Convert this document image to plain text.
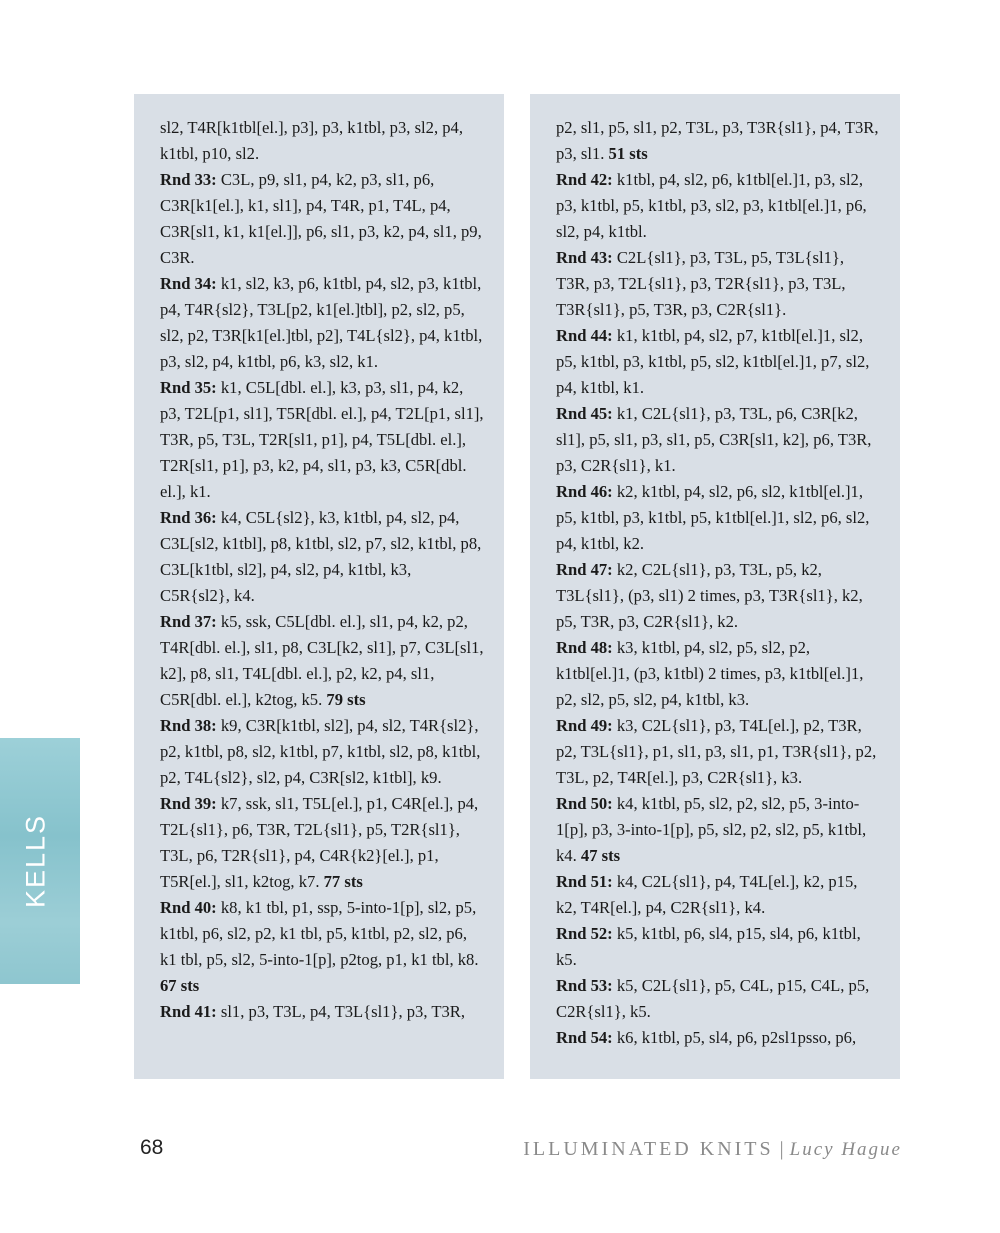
sl2, T4R[k1tbl[el.], p3], p3, k1tbl, p3, sl2, p4, k1tbl, p10, sl2.

Rnd 33: C3L, p9, sl1, p4, k2, p3, sl1, p6, C3R[k1[el.], k1, sl1], p4, T4R, p1, T4L, p4, C3R[sl1, k1, k1[el.]], p6, sl1, p3, k2, p4, sl1, p9, C3R.

Rnd 34: k1, sl2, k3, p6, k1tbl, p4, sl2, p3, k1tbl, p4, T4R{sl2}, T3L[p2, k1[el.]tbl], p2, sl2, p5, sl2, p2, T3R[k1[el.]tbl, p2], T4L{sl2}, p4, k1tbl, p3, sl2, p4, k1tbl, p6, k3, sl2, k1.

Rnd 35: k1, C5L[dbl. el.], k3, p3, sl1, p4, k2, p3, T2L[p1, sl1], T5R[dbl. el.], p4, T2L[p1, sl1], T3R, p5, T3L, T2R[sl1, p1], p4, T5L[dbl. el.], T2R[sl1, p1], p3, k2, p4, sl1, p3, k3, C5R[dbl. el.], k1.

Rnd 36: k4, C5L{sl2}, k3, k1tbl, p4, sl2, p4, C3L[sl2, k1tbl], p8, k1tbl, sl2, p7, sl2, k1tbl, p8, C3L[k1tbl, sl2], p4, sl2, p4, k1tbl, k3, C5R{sl2}, k4.

Rnd 37: k5, ssk, C5L[dbl. el.], sl1, p4, k2, p2, T4R[dbl. el.], sl1, p8, C3L[k2, sl1], p7, C3L[sl1, k2], p8, sl1, T4L[dbl. el.], p2, k2, p4, sl1, C5R[dbl. el.], k2tog, k5. 79 sts

Rnd 38: k9, C3R[k1tbl, sl2], p4, sl2, T4R{sl2}, p2, k1tbl, p8, sl2, k1tbl, p7, k1tbl, sl2, p8, k1tbl, p2, T4L{sl2}, sl2, p4, C3R[sl2, k1tbl], k9.

Rnd 39: k7, ssk, sl1, T5L[el.], p1, C4R[el.], p4, T2L{sl1}, p6, T3R, T2L{sl1}, p5, T2R{sl1}, T3L, p6, T2R{sl1}, p4, C4R{k2}[el.], p1, T5R[el.], sl1, k2tog, k7. 77 sts

Rnd 40: k8, k1 tbl, p1, ssp, 5-into-1[p], sl2, p5, k1tbl, p6, sl2, p2, k1 tbl, p5, k1tbl, p2, sl2, p6, k1 tbl, p5, sl2, 5-into-1[p], p2tog, p1, k1 tbl, k8. 67 sts

Rnd 41: sl1, p3, T3L, p4, T3L{sl1}, p3, T3R,

p2, sl1, p5, sl1, p2, T3L, p3, T3R{sl1}, p4, T3R, p3, sl1. 51 sts

Rnd 42: k1tbl, p4, sl2, p6, k1tbl[el.]1, p3, sl2, p3, k1tbl, p5, k1tbl, p3, sl2, p3, k1tbl[el.]1, p6, sl2, p4, k1tbl.

Rnd 43: C2L{sl1}, p3, T3L, p5, T3L{sl1}, T3R, p3, T2L{sl1}, p3, T2R{sl1}, p3, T3L, T3R{sl1}, p5, T3R, p3, C2R{sl1}.

Rnd 44: k1, k1tbl, p4, sl2, p7, k1tbl[el.]1, sl2, p5, k1tbl, p3, k1tbl, p5, sl2, k1tbl[el.]1, p7, sl2, p4, k1tbl, k1.

Rnd 45: k1, C2L{sl1}, p3, T3L, p6, C3R[k2, sl1], p5, sl1, p3, sl1, p5, C3R[sl1, k2], p6, T3R, p3, C2R{sl1}, k1.

Rnd 46: k2, k1tbl, p4, sl2, p6, sl2, k1tbl[el.]1, p5, k1tbl, p3, k1tbl, p5, k1tbl[el.]1, sl2, p6, sl2, p4, k1tbl, k2.

Rnd 47: k2, C2L{sl1}, p3, T3L, p5, k2, T3L{sl1}, (p3, sl1) 2 times, p3, T3R{sl1}, k2, p5, T3R, p3, C2R{sl1}, k2.

Rnd 48: k3, k1tbl, p4, sl2, p5, sl2, p2, k1tbl[el.]1, (p3, k1tbl) 2 times, p3, k1tbl[el.]1, p2, sl2, p5, sl2, p4, k1tbl, k3.

Rnd 49: k3, C2L{sl1}, p3, T4L[el.], p2, T3R, p2, T3L{sl1}, p1, sl1, p3, sl1, p1, T3R{sl1}, p2, T3L, p2, T4R[el.], p3, C2R{sl1}, k3.

Rnd 50: k4, k1tbl, p5, sl2, p2, sl2, p5, 3-into-1[p], p3, 3-into-1[p], p5, sl2, p2, sl2, p5, k1tbl, k4. 47 sts

Rnd 51: k4, C2L{sl1}, p4, T4L[el.], k2, p15, k2, T4R[el.], p4, C2R{sl1}, k4.

Rnd 52: k5, k1tbl, p6, sl4, p15, sl4, p6, k1tbl, k5.

Rnd 53: k5, C2L{sl1}, p5, C4L, p15, C4L, p5, C2R{sl1}, k5.

Rnd 54: k6, k1tbl, p5, sl4, p6, p2sl1psso, p6,

KELLS
68	ILLUMINATED KNITS | Lucy Hague
